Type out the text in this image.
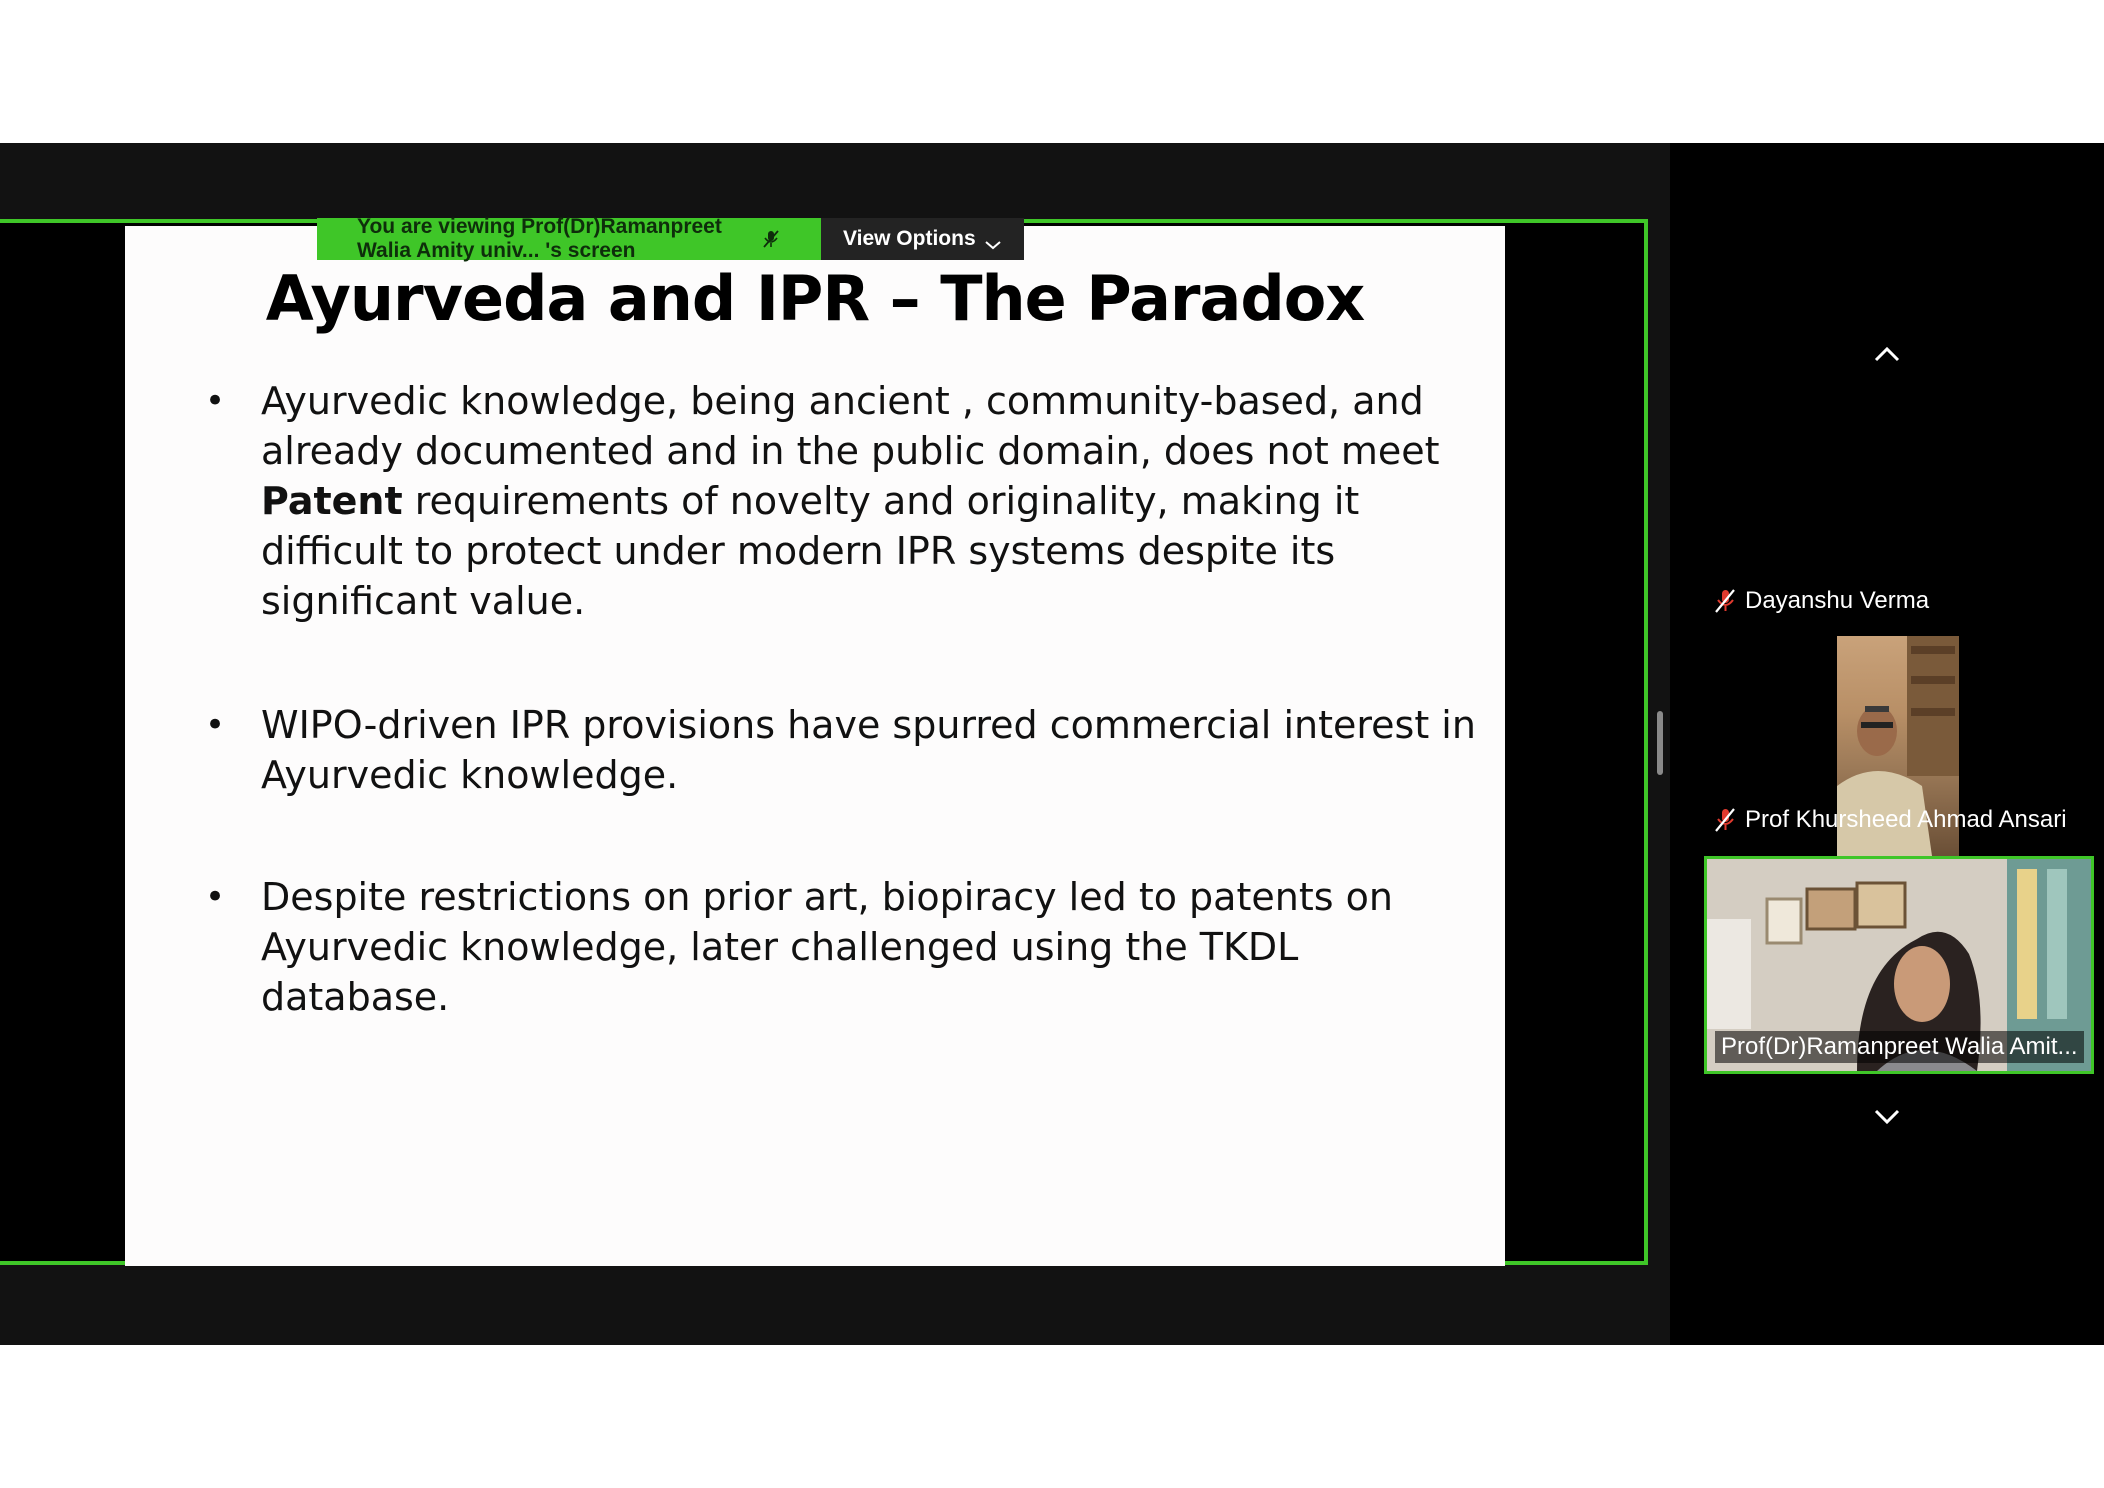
Ayurveda and IPR – The Paradox
• Ayurvedic knowledge, being ancient , community-based, and already documented and in the public domain, does not meet Patent requirements of novelty and originality, making it difficult to protect under modern IPR systems despite its significant value.
• WIPO-driven IPR provisions have spurred commercial interest in Ayurvedic knowledge.
• Despite restrictions on prior art, biopiracy led to patents on Ayurvedic knowledge, later challenged using the TKDL database.
You are viewing Prof(Dr)Ramanpreet Walia Amity univ... 's screen
View Options
Dayanshu Verma
Prof Khursheed Ahmad Ansari
Prof(Dr)Ramanpreet Walia Amit...
